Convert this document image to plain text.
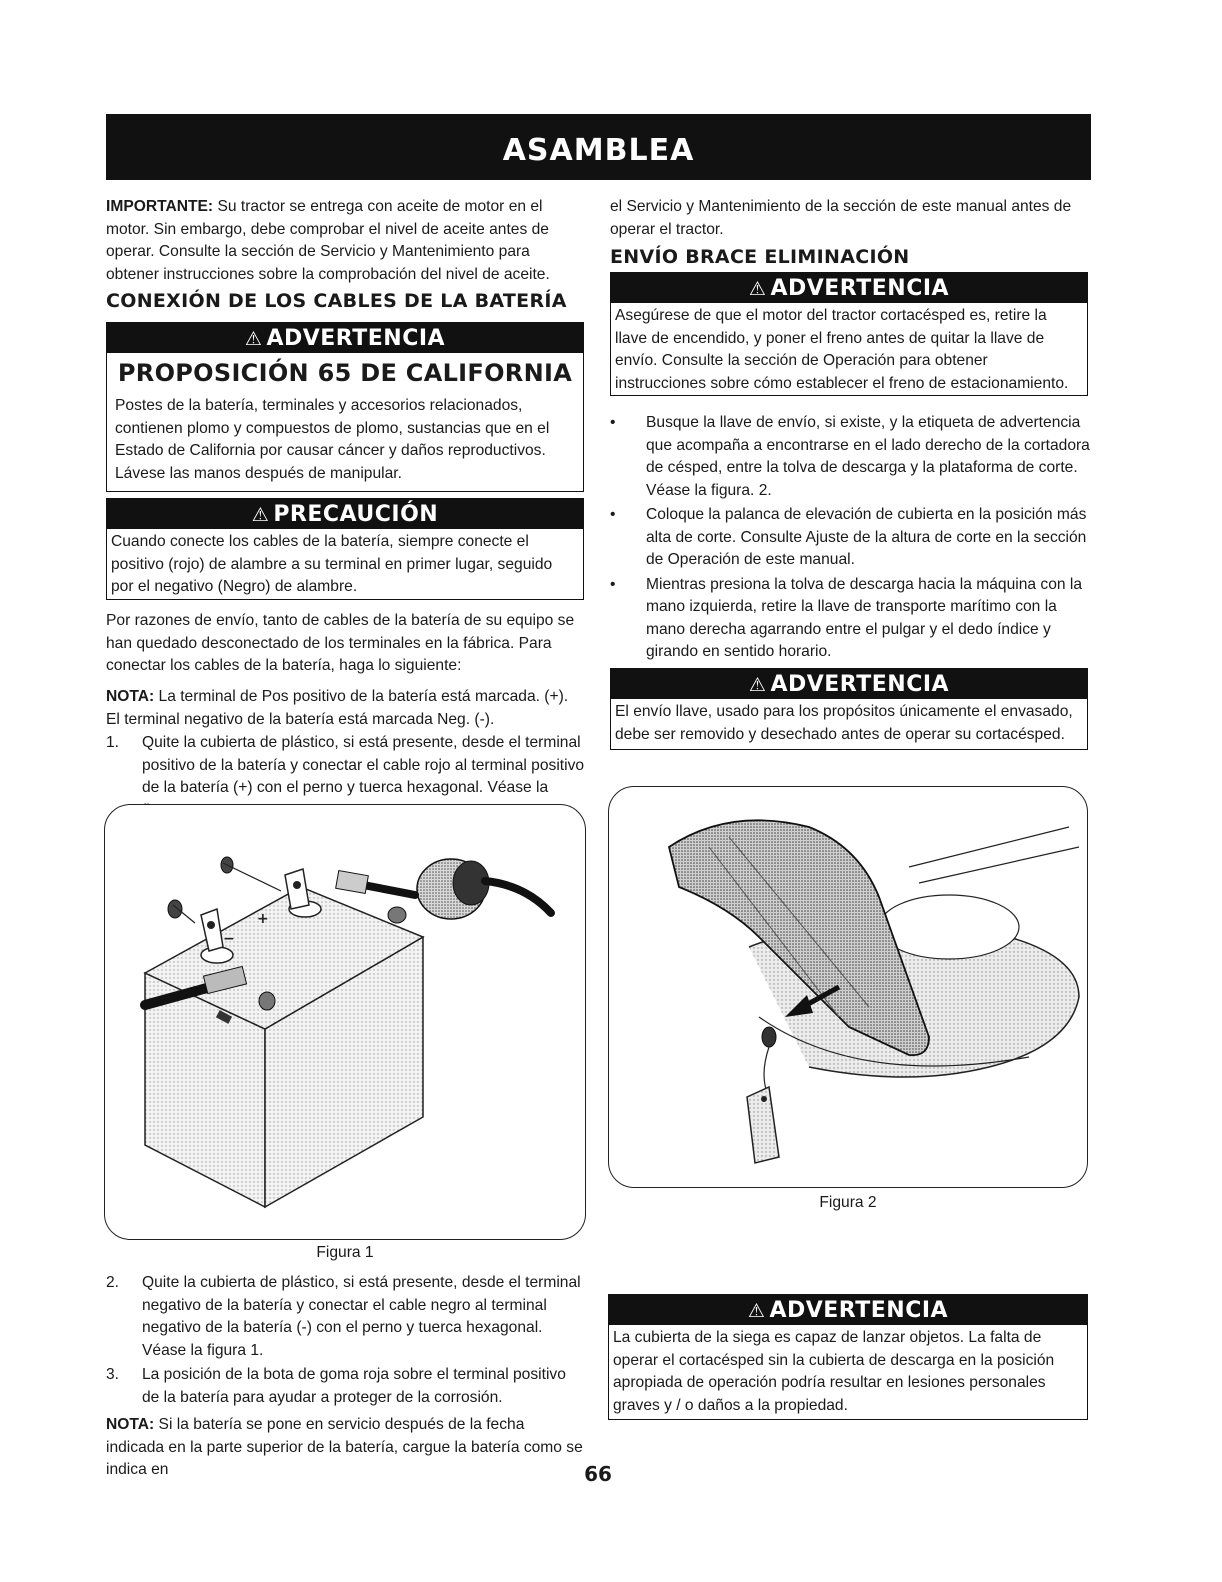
ASAMBLEA
IMPORTANTE: Su tractor se entrega con aceite de motor en el motor. Sin embargo, debe comprobar el nivel de aceite antes de operar. Consulte la sección de Servicio y Mantenimiento para obtener instrucciones sobre la comprobación del nivel de aceite.
CONEXIÓN DE LOS CABLES DE LA BATERÍA
⚠ ADVERTENCIA
PROPOSICIÓN 65 DE CALIFORNIA
Postes de la batería, terminales y accesorios relacionados, contienen plomo y compuestos de plomo, sustancias que en el Estado de California por causar cáncer y daños reproductivos. Lávese las manos después de manipular.
⚠ PRECAUCIÓN
Cuando conecte los cables de la batería, siempre conecte el positivo (rojo) de alambre a su terminal en primer lugar, seguido por el negativo (Negro) de alambre.
Por razones de envío, tanto de cables de la batería de su equipo se han quedado desconectado de los terminales en la fábrica. Para conectar los cables de la batería, haga lo siguiente:
NOTA: La terminal de Pos positivo de la batería está marcada. (+). El terminal negativo de la batería está marcada Neg. (-).
1. Quite la cubierta de plástico, si está presente, desde el terminal positivo de la batería y conectar el cable rojo al terminal positivo de la batería (+) con el perno y tuerca hexagonal. Véase la
+
−
Figura 1
2. Quite la cubierta de plástico, si está presente, desde el terminal negativo de la batería y conectar el cable negro al terminal negativo de la batería (-) con el perno y tuerca hexagonal. Véase la figura 1.
3. La posición de la bota de goma roja sobre el terminal positivo de la batería para ayudar a proteger de la corrosión.
NOTA: Si la batería se pone en servicio después de la fecha indicada en la parte superior de la batería, cargue la batería como se indica en
el Servicio y Mantenimiento de la sección de este manual antes de operar el tractor.
ENVÍO BRACE ELIMINACIÓN
⚠ ADVERTENCIA
Asegúrese de que el motor del tractor cortacésped es, retire la llave de encendido, y poner el freno antes de quitar la llave de envío. Consulte la sección de Operación para obtener instrucciones sobre cómo establecer el freno de estacionamiento.
• Busque la llave de envío, si existe, y la etiqueta de advertencia que acompaña a encontrarse en el lado derecho de la cortadora de césped, entre la tolva de descarga y la plataforma de corte. Véase la figura. 2.
• Coloque la palanca de elevación de cubierta en la posición más alta de corte. Consulte Ajuste de la altura de corte en la sección de Operación de este manual.
• Mientras presiona la tolva de descarga hacia la máquina con la mano izquierda, retire la llave de transporte marítimo con la mano derecha agarrando entre el pulgar y el dedo índice y girando en sentido horario.
⚠ ADVERTENCIA
El envío llave, usado para los propósitos únicamente el envasado, debe ser removido y desechado antes de operar su cortacésped.
Figura 2
⚠ ADVERTENCIA
La cubierta de la siega es capaz de lanzar objetos. La falta de operar el cortacésped sin la cubierta de descarga en la posición apropiada de operación podría resultar en lesiones personales graves y / o daños a la propiedad.
66
